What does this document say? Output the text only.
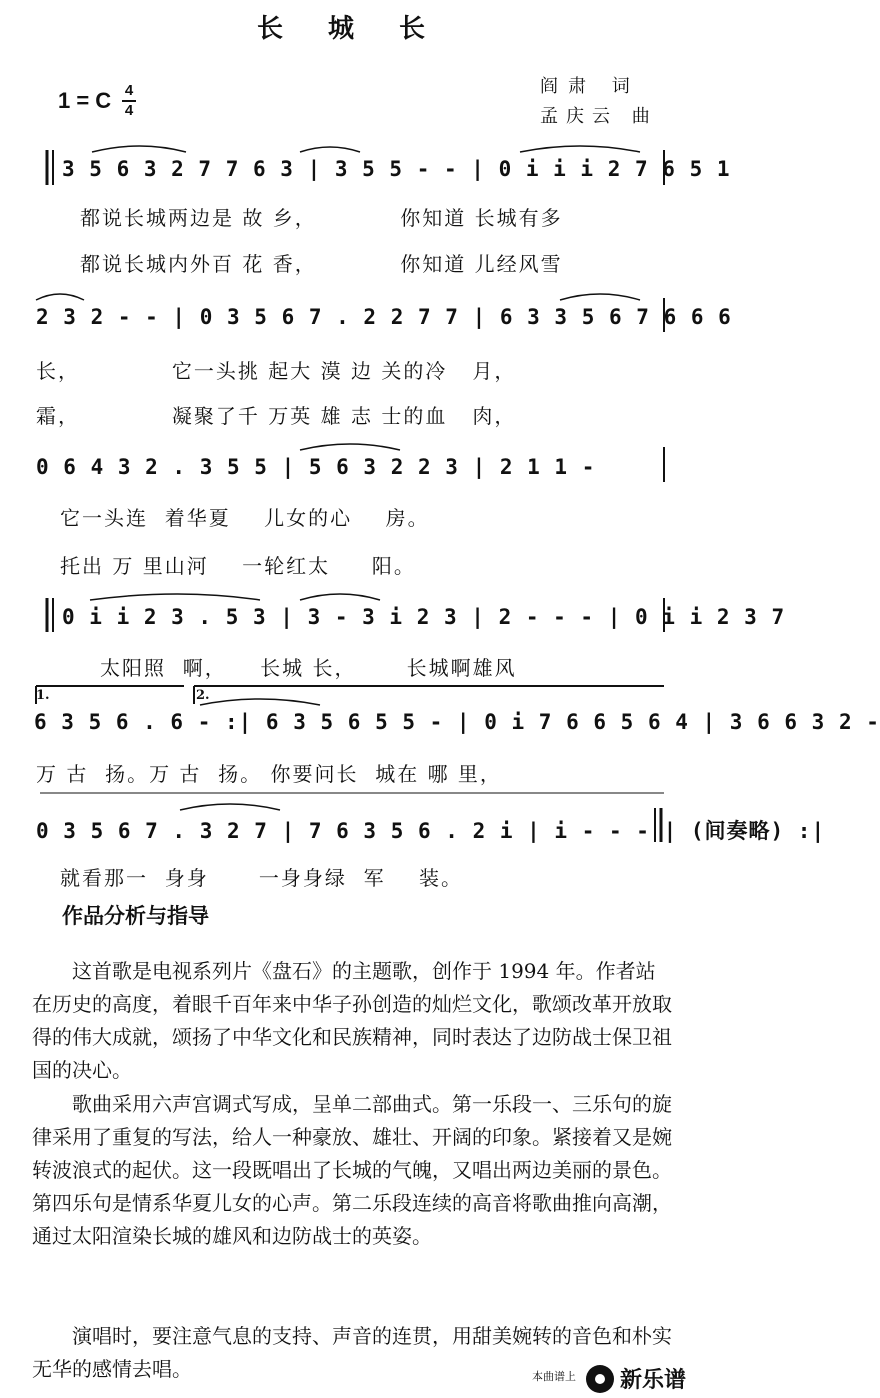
长 城 长
1 = C 4
4
阎肃 词
孟庆云 曲
3 5 6 3 2 7 7 6 3 | 3 5 5 - - | 0 i i i 2 7 6 5 1
都说长城两边是 故 乡，          你知道 长城有多
都说长城内外百 花 香，          你知道 儿经风雪
2 3 2 - - | 0 3 5 6 7 . 2 2 7 7 | 6 3 3 5 6 7 6 6 6
长，           它一头挑 起大 漠 边 关的冷   月，
霜，           凝聚了千 万英 雄 志 士的血   肉，
0 6 4 3 2 . 3 5 5 | 5 6 3 2 2 3 | 2 1 1 -
它一头连  着华夏    儿女的心    房。
托出 万 里山河    一轮红太     阳。
0 i i 2 3 . 5 3 | 3 - 3 i 2 3 | 2 - - - | 0 i i 2 3 7
太阳照  啊，    长城 长，      长城啊雄风
1.	2.
6 3 5 6 . 6 - :| 6 3 5 6 5 5 - | 0 i 7 6 6 5 6 4 | 3 6 6 3 2 -
万 古  扬。万 古  扬。 你要问长  城在 哪 里，
0 3 5 6 7 . 3 2 7 | 7 6 3 5 6 . 2 i | i - - - | (间奏略) :|
就看那一  身身      一身身绿  军    装。
作品分析与指导
这首歌是电视系列片《盘石》的主题歌，创作于 1994 年。作者站在历史的高度，着眼千百年来中华子孙创造的灿烂文化，歌颂改革开放取得的伟大成就，颂扬了中华文化和民族精神，同时表达了边防战士保卫祖国的决心。
歌曲采用六声宫调式写成，呈单二部曲式。第一乐段一、三乐句的旋律采用了重复的写法，给人一种豪放、雄壮、开阔的印象。紧接着又是婉转波浪式的起伏。这一段既唱出了长城的气魄，又唱出两边美丽的景色。第四乐句是情系华夏儿女的心声。第二乐段连续的高音将歌曲推向高潮，通过太阳渲染长城的雄风和边防战士的英姿。
演唱时，要注意气息的支持、声音的连贯，用甜美婉转的音色和朴实无华的感情去唱。	本曲谱上 新乐谱
